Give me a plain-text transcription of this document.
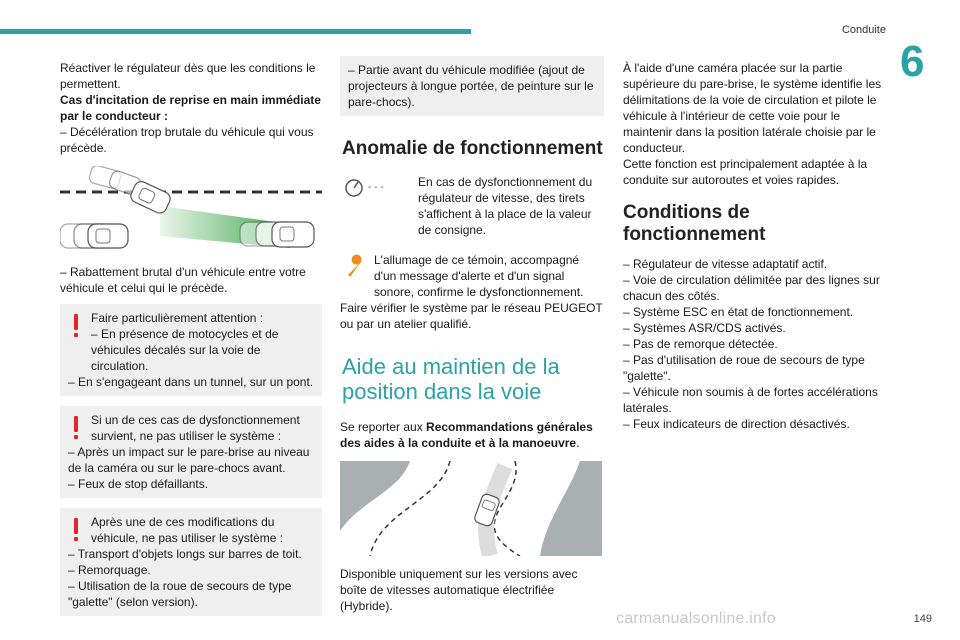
Conduite
6

Réactiver le régulateur dès que les conditions le permettent.

Cas d'incitation de reprise en main immédiate par le conducteur :

– Décélération trop brutale du véhicule qui vous précède.

– Rabattement brutal d'un véhicule entre votre véhicule et celui qui le précède.

Faire particulièrement attention :

– En présence de motocycles et de véhicules décalés sur la voie de circulation.

– En s'engageant dans un tunnel, sur un pont.

Si un de ces cas de dysfonctionnement survient, ne pas utiliser le système :

– Après un impact sur le pare-brise au niveau de la caméra ou sur le pare-chocs avant.

– Feux de stop défaillants.

Après une de ces modifications du véhicule, ne pas utiliser le système :

– Transport d'objets longs sur barres de toit.

– Remorquage.

– Utilisation de la roue de secours de type "galette" (selon version).

– Partie avant du véhicule modifiée (ajout de projecteurs à longue portée, de peinture sur le pare-chocs).

Anomalie de fonctionnement
- - -	En cas de dysfonctionnement du régulateur de vitesse, des tirets s'affichent à la place de la valeur de consigne.

L'allumage de ce témoin, accompagné d'un message d'alerte et d'un signal sonore, confirme le dysfonctionnement.

Faire vérifier le système par le réseau PEUGEOT ou par un atelier qualifié.

Aide au maintien de la position dans la voie

Se reporter aux Recommandations générales des aides à la conduite et à la manoeuvre.

Disponible uniquement sur les versions avec boîte de vitesses automatique électrifiée (Hybride).

À l'aide d'une caméra placée sur la partie supérieure du pare-brise, le système identifie les délimitations de la voie de circulation et pilote le véhicule à l'intérieur de cette voie pour le maintenir dans la position latérale choisie par le conducteur.

Cette fonction est principalement adaptée à la conduite sur autoroutes et voies rapides.

Conditions de fonctionnement

– Régulateur de vitesse adaptatif actif.

– Voie de circulation délimitée par des lignes sur chacun des côtés.

– Système ESC en état de fonctionnement.

– Systèmes ASR/CDS activés.

– Pas de remorque détectée.

– Pas d'utilisation de roue de secours de type "galette".

– Véhicule non soumis à de fortes accélérations latérales.

– Feux indicateurs de direction désactivés.

149
carmanualsonline.info
